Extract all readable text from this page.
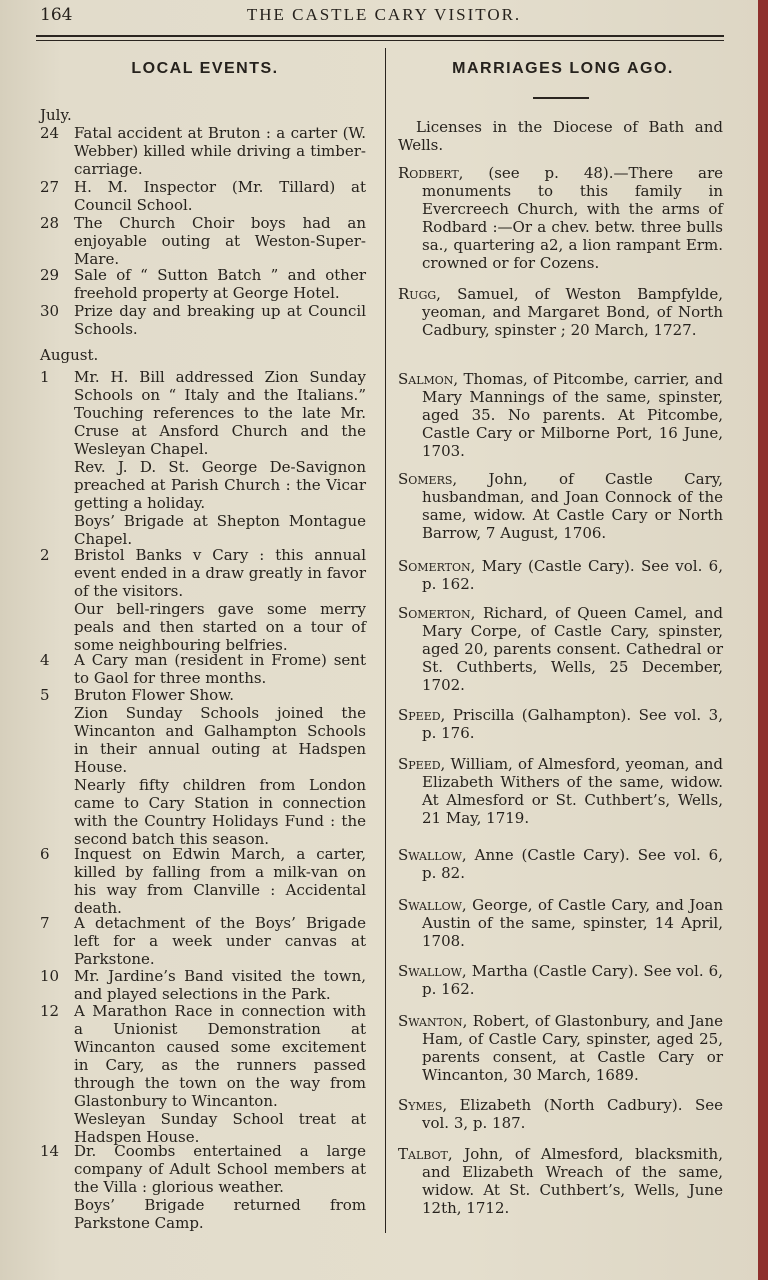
164	THE CASTLE CARY VISITOR.
LOCAL EVENTS.
July.
24 Fatal accident at Bruton : a carter (W. Webber) killed while driving a timber-carriage.
27 H. M. Inspector (Mr. Tillard) at Council School.
28 The Church Choir boys had an enjoyable outing at Weston-Super-Mare.
29 Sale of “ Sutton Batch ” and other freehold property at George Hotel.
30 Prize day and breaking up at Council Schools.
August.
1	Mr. H. Bill addressed Zion Sunday Schools on “ Italy and the Italians.” Touching references to the late Mr. Cruse at Ansford Church and the Wesleyan Chapel.

Rev. J. D. St. George De-Savignon preached at Parish Church : the Vicar getting a holiday.

Boys’ Brigade at Shepton Montague Chapel.

2	Bristol Banks v Cary : this annual event ended in a draw greatly in favor of the visitors.

Our bell-ringers gave some merry peals and then started on a tour of some neighbouring belfries.

4	A Cary man (resident in Frome) sent to Gaol for three months.

5	Bruton Flower Show.

Zion Sunday Schools joined the Wincanton and Galhampton Schools in their annual outing at Hadspen House.

Nearly fifty children from London came to Cary Station in connection with the Country Holidays Fund : the second batch this season.

6	Inquest on Edwin March, a carter, killed by falling from a milk-van on his way from Clanville : Accidental death.

7	A detachment of the Boys’ Brigade left for a week under canvas at Parkstone.

10 Mr. Jardine’s Band visited the town, and played selections in the Park.

12 A Marathon Race in connection with a Unionist Demonstration at Wincanton caused some excitement in Cary, as the runners passed through the town on the way from Glastonbury to Wincanton.

Wesleyan Sunday School treat at Hadspen House.

14 Dr. Coombs entertained a large company of Adult School members at the Villa : glorious weather.

Boys’ Brigade returned from Parkstone Camp.

MARRIAGES LONG AGO.
Licenses in the Diocese of Bath and Wells.
Rodbert, (see p. 48).—There are monuments to this family in Evercreech Church, with the arms of Rodbard :—Or a chev. betw. three bulls sa., quartering a2, a lion rampant Erm. crowned or for Cozens.
Rugg, Samuel, of Weston Bampfylde, yeoman, and Margaret Bond, of North Cadbury, spinster ; 20 March, 1727.
Salmon, Thomas, of Pitcombe, carrier, and Mary Mannings of the same, spinster, aged 35. No parents. At Pitcombe, Castle Cary or Milborne Port, 16 June, 1703.
Somers, John, of Castle Cary, husbandman, and Joan Connock of the same, widow. At Castle Cary or North Barrow, 7 August, 1706.
Somerton, Mary (Castle Cary). See vol. 6, p. 162.
Somerton, Richard, of Queen Camel, and Mary Corpe, of Castle Cary, spinster, aged 20, parents consent. Cathedral or St. Cuthberts, Wells, 25 December, 1702.
Speed, Priscilla (Galhampton). See vol. 3, p. 176.
Speed, William, of Almesford, yeoman, and Elizabeth Withers of the same, widow. At Almesford or St. Cuthbert’s, Wells, 21 May, 1719.
Swallow, Anne (Castle Cary). See vol. 6, p. 82.
Swallow, George, of Castle Cary, and Joan Austin of the same, spinster, 14 April, 1708.
Swallow, Martha (Castle Cary). See vol. 6, p. 162.
Swanton, Robert, of Glastonbury, and Jane Ham, of Castle Cary, spinster, aged 25, parents consent, at Castle Cary or Wincanton, 30 March, 1689.
Symes, Elizabeth (North Cadbury). See vol. 3, p. 187.
Talbot, John, of Almesford, blacksmith, and Elizabeth Wreach of the same, widow. At St. Cuthbert’s, Wells, June 12th, 1712.
